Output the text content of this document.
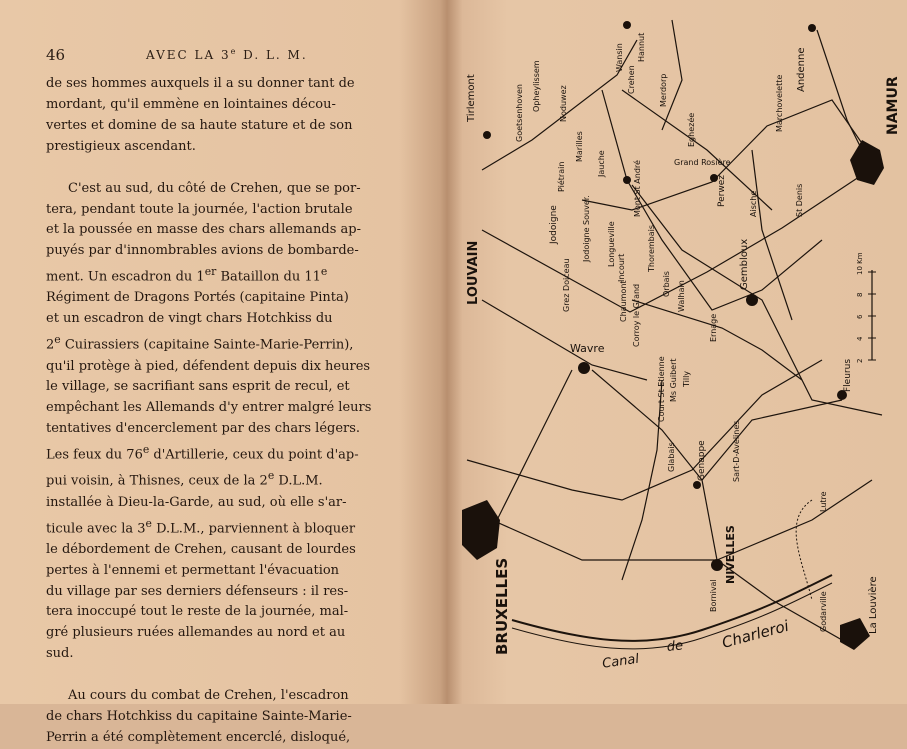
46	AVEC LA 3e D. L. M.
de ses hommes auxquels il a su donner tant de
mordant, qu'il emmène en lointaines décou-
vertes et domine de sa haute stature et de son
prestigieux ascendant.
C'est au sud, du côté de Crehen, que se por-
tera, pendant toute la journée, l'action brutale
et la poussée en masse des chars allemands ap-
puyés par d'innombrables avions de bombarde-
ment. Un escadron du 1er Bataillon du 11e
Régiment de Dragons Portés (capitaine Pinta)
et un escadron de vingt chars Hotchkiss du
2e Cuirassiers (capitaine Sainte-Marie-Perrin),
qu'il protège à pied, défendent depuis dix heures
le village, se sacrifiant sans esprit de recul, et
empêchant les Allemands d'y entrer malgré leurs
tentatives d'encerclement par des chars légers.
Les feux du 76e d'Artillerie, ceux du point d'ap-
pui voisin, à Thisnes, ceux de la 2e D.L.M.
installée à Dieu-la-Garde, au sud, où elle s'ar-
ticule avec la 3e D.L.M., parviennent à bloquer
le débordement de Crehen, causant de lourdes
pertes à l'ennemi et permettant l'évacuation
du village par ses derniers défenseurs : il res-
tera inoccupé tout le reste de la journée, mal-
gré plusieurs ruées allemandes au nord et au
sud.
Au cours du combat de Crehen, l'escadron
de chars Hotchkiss du capitaine Sainte-Marie-
Perrin a été complètement encerclé, disloqué,
NAMUR
LOUVAIN
BRUXELLES
Tirlemont
Andenne
Wavre
Gembloux
NIVELLES
Genappe
Fleurus
La Louvière
Jodoigne
Perwez
Hannut
Wansin
Merdorp
Crehen
Noduwez
Goetsenhoven Opheylissem
Marilles
Jauche
Piétrain	Grand Rosière
Thorembais
Chaumont
Grez Doiceau
Jodoigne Souver. Longueville
Incourt
Orbais Walhain
Corroy le Grand	Ernage
Tilly
Sart-D-Avelines
Glabais
Lutre
Godarville
Bornival
St Denis
Aische
Marchovelette
Court St Etienne Ms Guibert
Eghezée
Mont St André
Canal
de Charleroi
2
4
6
8
10 Km
